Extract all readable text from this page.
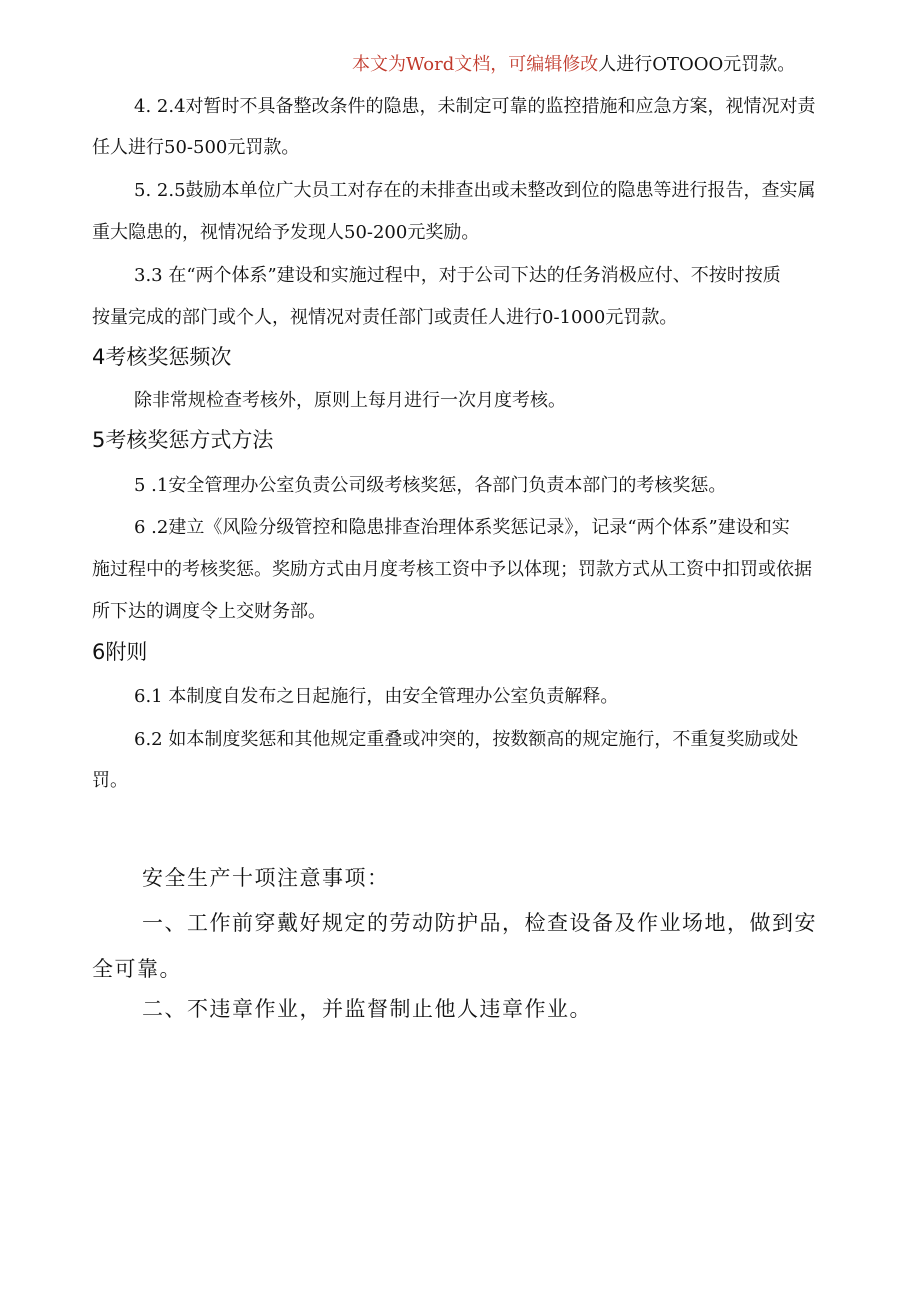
本文为Word文档，可编辑修改人进行OTOOO元罚款。
4. 2.4对暂时不具备整改条件的隐患，未制定可靠的监控措施和应急方案，视情况对责
任人进行50-500元罚款。
5. 2.5鼓励本单位广大员工对存在的未排查出或未整改到位的隐患等进行报告，查实属
重大隐患的，视情况给予发现人50-200元奖励。
3.3 在“两个体系”建设和实施过程中，对于公司下达的任务消极应付、不按时按质
按量完成的部门或个人，视情况对责任部门或责任人进行0-1000元罚款。
4考核奖惩频次
除非常规检查考核外，原则上每月进行一次月度考核。
5考核奖惩方式方法
5 .1安全管理办公室负责公司级考核奖惩，各部门负责本部门的考核奖惩。
6 .2建立《风险分级管控和隐患排查治理体系奖惩记录》，记录“两个体系”建设和实
施过程中的考核奖惩。奖励方式由月度考核工资中予以体现；罚款方式从工资中扣罚或依据
所下达的调度令上交财务部。
6附则
6.1 本制度自发布之日起施行，由安全管理办公室负责解释。
6.2 如本制度奖惩和其他规定重叠或冲突的，按数额高的规定施行，不重复奖励或处
罚。
安全生产十项注意事项：
一、工作前穿戴好规定的劳动防护品，检查设备及作业场地，做到安
全可靠。
二、不违章作业，并监督制止他人违章作业。
